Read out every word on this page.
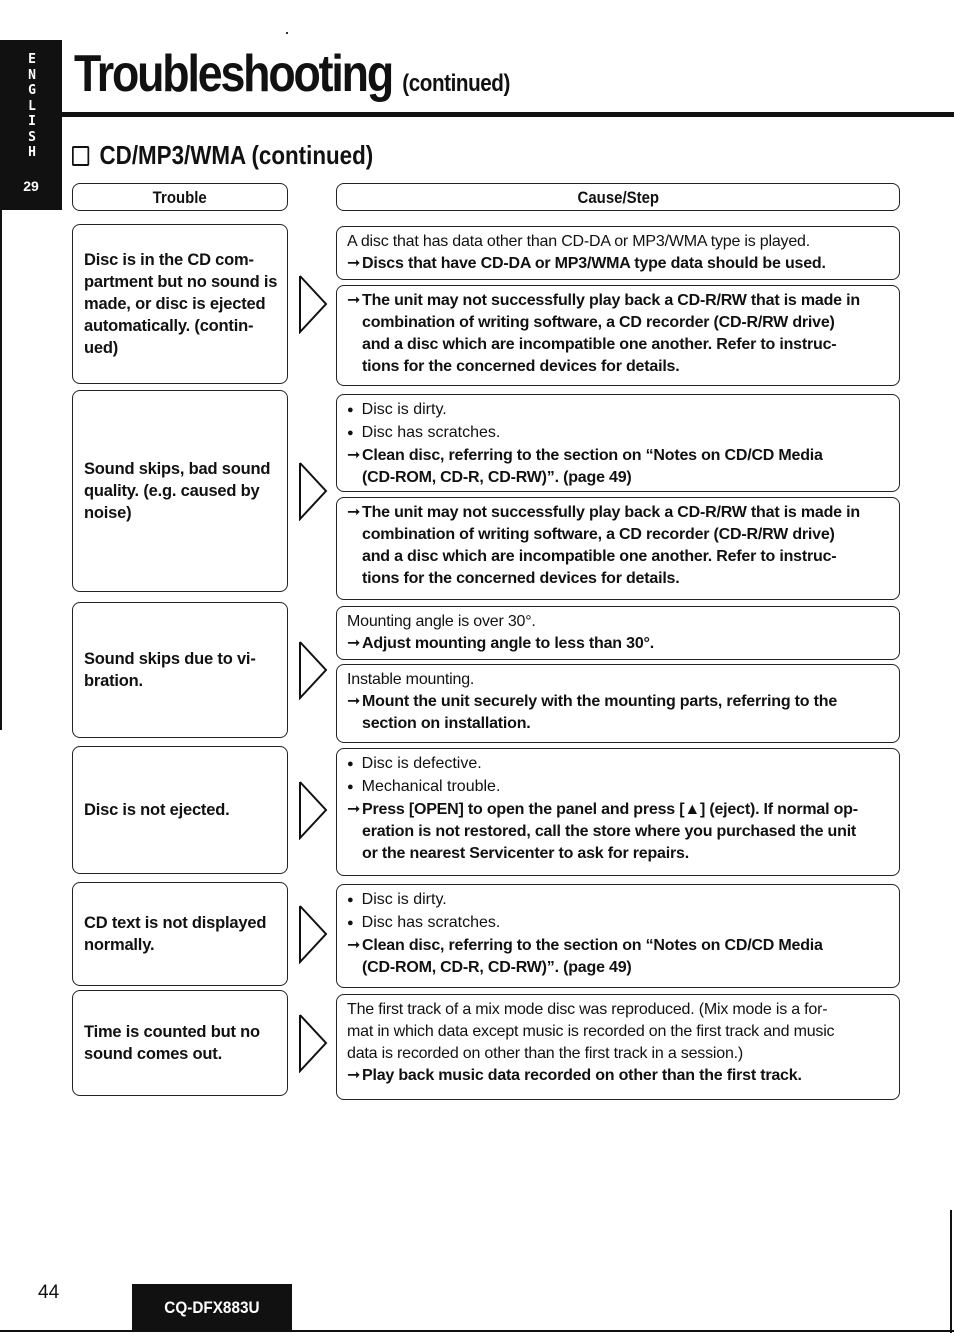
E
N
G
L
I
S
H
29
Troubleshooting (continued)
CD/MP3/WMA (continued)
Trouble	Cause/Step
Disc is in the CD com-
partment but no sound is
made, or disc is ejected
automatically. (contin-
ued)
A disc that has data other than CD-DA or MP3/WMA type is played.
➞ Discs that have CD-DA or MP3/WMA type data should be used.
➞ The unit may not successfully play back a CD-R/RW that is made in
combination of writing software, a CD recorder (CD-R/RW drive)
and a disc which are incompatible one another. Refer to instruc-
tions for the concerned devices for details.
Sound skips, bad sound
quality. (e.g. caused by
noise)
● Disc is dirty.
● Disc has scratches.
➞ Clean disc, referring to the section on “Notes on CD/CD Media
(CD-ROM, CD-R, CD-RW)”. (page 49)
➞ The unit may not successfully play back a CD-R/RW that is made in
combination of writing software, a CD recorder (CD-R/RW drive)
and a disc which are incompatible one another. Refer to instruc-
tions for the concerned devices for details.
Sound skips due to vi-
bration.
Mounting angle is over 30°.
➞ Adjust mounting angle to less than 30°.
Instable mounting.
➞ Mount the unit securely with the mounting parts, referring to the
section on installation.
Disc is not ejected.
● Disc is defective.
● Mechanical trouble.
➞ Press [OPEN] to open the panel and press [▲] (eject). If normal op-
eration is not restored, call the store where you purchased the unit
or the nearest Servicenter to ask for repairs.
CD text is not displayed
normally.
● Disc is dirty.
● Disc has scratches.
➞ Clean disc, referring to the section on “Notes on CD/CD Media
(CD-ROM, CD-R, CD-RW)”. (page 49)
Time is counted but no
sound comes out.
The first track of a mix mode disc was reproduced. (Mix mode is a for-
mat in which data except music is recorded on the first track and music
data is recorded on other than the first track in a session.)
➞ Play back music data recorded on other than the first track.
44
CQ-DFX883U
